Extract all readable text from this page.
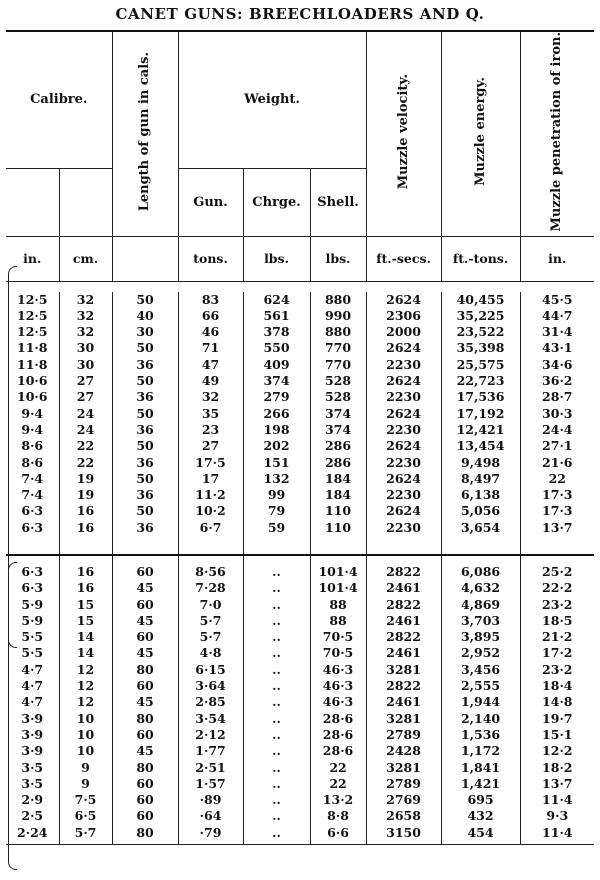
CANET GUNS: BREECHLOADERS AND Q.
Calibre.		Length of gun in cals.	Weight.			Muzzle velocity.	Muzzle energy.	Muzzle penetration of iron.
			Gun.	Chrge.	Shell.			
in.	cm.		tons.	lbs.	lbs.	ft.-secs.	ft.-tons.	in.

12·5	32	50	83	624	880	2624	40,455	45·5
12·5	32	40	66	561	990	2306	35,225	44·7
12·5	32	30	46	378	880	2000	23,522	31·4
11·8	30	50	71	550	770	2624	35,398	43·1
11·8	30	36	47	409	770	2230	25,575	34·6
10·6	27	50	49	374	528	2624	22,723	36·2
10·6	27	36	32	279	528	2230	17,536	28·7
9·4	24	50	35	266	374	2624	17,192	30·3
9·4	24	36	23	198	374	2230	12,421	24·4
8·6	22	50	27	202	286	2624	13,454	27·1
8·6	22	36	17·5	151	286	2230	9,498	21·6
7·4	19	50	17	132	184	2624	8,497	22
7·4	19	36	11·2	99	184	2230	6,138	17·3
6·3	16	50	10·2	79	110	2624	5,056	17·3
6·3	16	36	6·7	59	110	2230	3,654	13·7

6·3	16	60	8·56	..	101·4	2822	6,086	25·2
6·3	16	45	7·28	..	101·4	2461	4,632	22·2
5·9	15	60	7·0	..	88	2822	4,869	23·2
5·9	15	45	5·7	..	88	2461	3,703	18·5
5·5	14	60	5·7	..	70·5	2822	3,895	21·2
5·5	14	45	4·8	..	70·5	2461	2,952	17·2
4·7	12	80	6·15	..	46·3	3281	3,456	23·2
4·7	12	60	3·64	..	46·3	2822	2,555	18·4
4·7	12	45	2·85	..	46·3	2461	1,944	14·8
3·9	10	80	3·54	..	28·6	3281	2,140	19·7
3·9	10	60	2·12	..	28·6	2789	1,536	15·1
3·9	10	45	1·77	..	28·6	2428	1,172	12·2
3·5	9	80	2·51	..	22	3281	1,841	18·2
3·5	9	60	1·57	..	22	2789	1,421	13·7
2·9	7·5	60	·89	..	13·2	2769	695	11·4
2·5	6·5	60	·64	..	8·8	2658	432	9·3
2·24	5·7	80	·79	..	6·6	3150	454	11·4
